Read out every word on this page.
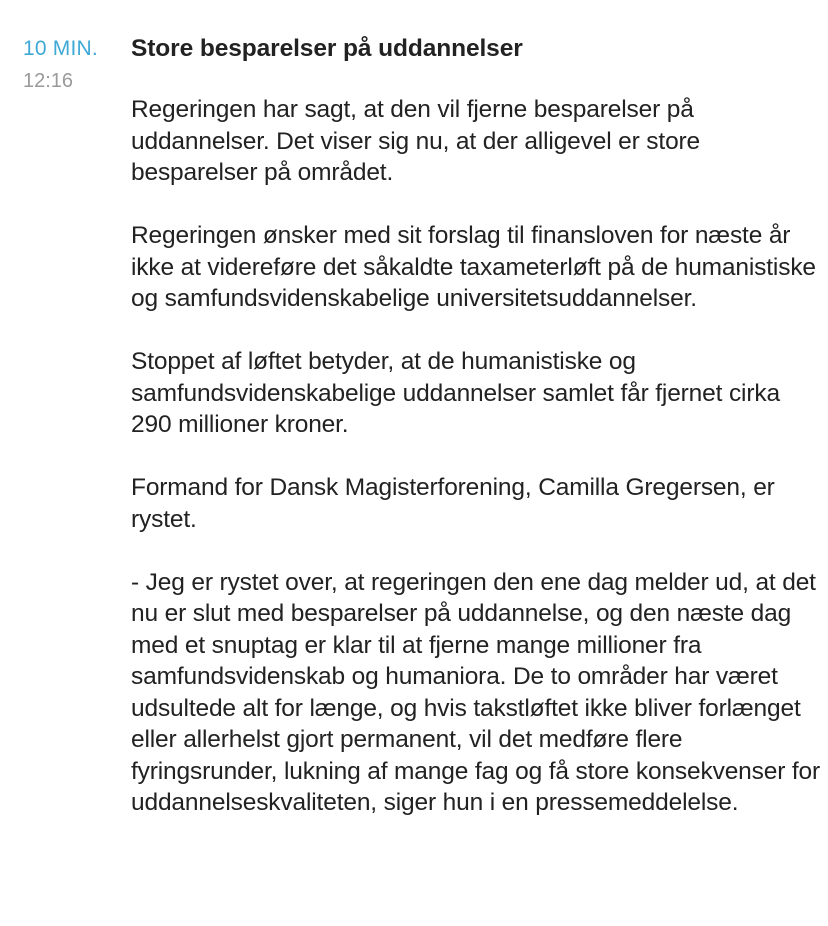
10 MIN.
12:16
Store besparelser på uddannelser

Regeringen har sagt, at den vil fjerne besparelser på uddannelser. Det viser sig nu, at der alligevel er store besparelser på området.

Regeringen ønsker med sit forslag til finansloven for næste år ikke at videreføre det såkaldte taxameterløft på de humanistiske og samfundsvidenskabelige universitetsuddannelser.

Stoppet af løftet betyder, at de humanistiske og samfundsvidenskabelige uddannelser samlet får fjernet cirka 290 millioner kroner.

Formand for Dansk Magisterforening, Camilla Gregersen, er rystet.

- Jeg er rystet over, at regeringen den ene dag melder ud, at det nu er slut med besparelser på uddannelse, og den næste dag med et snuptag er klar til at fjerne mange millioner fra samfundsvidenskab og humaniora. De to områder har været udsultede alt for længe, og hvis takstløftet ikke bliver forlænget eller allerhelst gjort permanent, vil det medføre flere fyringsrunder, lukning af mange fag og få store konsekvenser for uddannelseskvaliteten, siger hun i en pressemeddelelse.
